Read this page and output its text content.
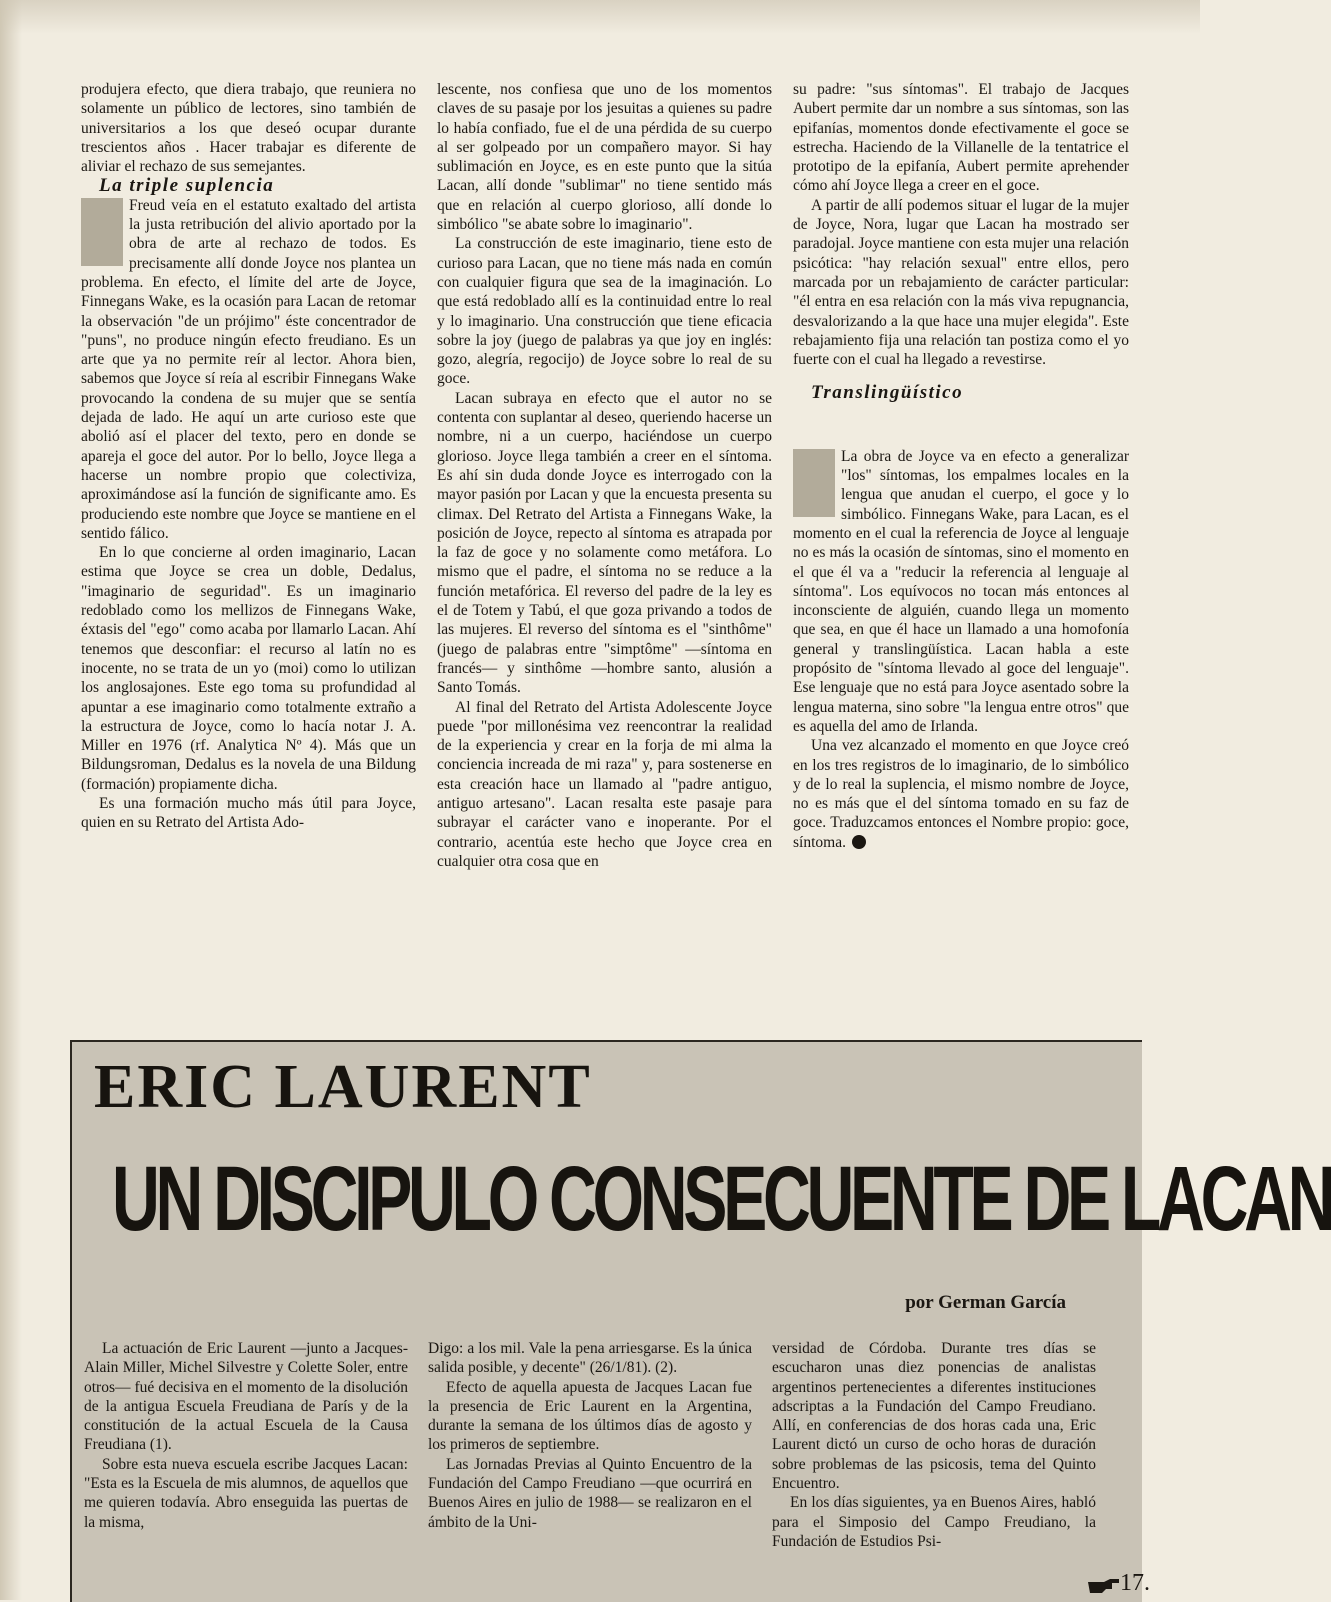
produjera efecto, que diera trabajo, que reuniera no solamente un público de lectores, sino también de universitarios a los que deseó ocupar durante trescientos años . Hacer trabajar es diferente de aliviar el rechazo de sus semejantes.

La triple suplencia

Freud veía en el estatuto exaltado del artista la justa retribución del alivio aportado por la obra de arte al rechazo de todos. Es precisamente allí donde Joyce nos plantea un problema. En efecto, el límite del arte de Joyce, Finnegans Wake, es la ocasión para Lacan de retomar la observación "de un prójimo" éste concentrador de "puns", no produce ningún efecto freudiano. Es un arte que ya no permite reír al lector. Ahora bien, sabemos que Joyce sí reía al escribir Finnegans Wake provocando la condena de su mujer que se sentía dejada de lado. He aquí un arte curioso este que abolió así el placer del texto, pero en donde se apareja el goce del autor. Por lo bello, Joyce llega a hacerse un nombre propio que colectiviza, aproximándose así la función de significante amo. Es produciendo este nombre que Joyce se mantiene en el sentido fálico.

En lo que concierne al orden imaginario, Lacan estima que Joyce se crea un doble, Dedalus, "imaginario de seguridad". Es un imaginario redoblado como los mellizos de Finnegans Wake, éxtasis del "ego" como acaba por llamarlo Lacan. Ahí tenemos que desconfiar: el recurso al latín no es inocente, no se trata de un yo (moi) como lo utilizan los anglosajones. Este ego toma su profundidad al apuntar a ese imaginario como totalmente extraño a la estructura de Joyce, como lo hacía notar J. A. Miller en 1976 (rf. Analytica Nº 4). Más que un Bildungsroman, Dedalus es la novela de una Bildung (formación) propiamente dicha.

Es una formación mucho más útil para Joyce, quien en su Retrato del Artista Ado-

lescente, nos confiesa que uno de los momentos claves de su pasaje por los jesuitas a quienes su padre lo había confiado, fue el de una pérdida de su cuerpo al ser golpeado por un compañero mayor. Si hay sublimación en Joyce, es en este punto que la sitúa Lacan, allí donde "sublimar" no tiene sentido más que en relación al cuerpo glorioso, allí donde lo simbólico "se abate sobre lo imaginario".

La construcción de este imaginario, tiene esto de curioso para Lacan, que no tiene más nada en común con cualquier figura que sea de la imaginación. Lo que está redoblado allí es la continuidad entre lo real y lo imaginario. Una construcción que tiene eficacia sobre la joy (juego de palabras ya que joy en inglés: gozo, alegría, regocijo) de Joyce sobre lo real de su goce.

Lacan subraya en efecto que el autor no se contenta con suplantar al deseo, queriendo hacerse un nombre, ni a un cuerpo, haciéndose un cuerpo glorioso. Joyce llega también a creer en el síntoma. Es ahí sin duda donde Joyce es interrogado con la mayor pasión por Lacan y que la encuesta presenta su climax. Del Retrato del Artista a Finnegans Wake, la posición de Joyce, repecto al síntoma es atrapada por la faz de goce y no solamente como metáfora. Lo mismo que el padre, el síntoma no se reduce a la función metafórica. El reverso del padre de la ley es el de Totem y Tabú, el que goza privando a todos de las mujeres. El reverso del síntoma es el "sinthôme" (juego de palabras entre "simptôme" —síntoma en francés— y sinthôme —hombre santo, alusión a Santo Tomás.

Al final del Retrato del Artista Adolescente Joyce puede "por millonésima vez reencontrar la realidad de la experiencia y crear en la forja de mi alma la conciencia increada de mi raza" y, para sostenerse en esta creación hace un llamado al "padre antiguo, antiguo artesano". Lacan resalta este pasaje para subrayar el carácter vano e inoperante. Por el contrario, acentúa este hecho que Joyce crea en cualquier otra cosa que en

su padre: "sus síntomas". El trabajo de Jacques Aubert permite dar un nombre a sus síntomas, son las epifanías, momentos donde efectivamente el goce se estrecha. Haciendo de la Villanelle de la tentatrice el prototipo de la epifanía, Aubert permite aprehender cómo ahí Joyce llega a creer en el goce.

A partir de allí podemos situar el lugar de la mujer de Joyce, Nora, lugar que Lacan ha mostrado ser paradojal. Joyce mantiene con esta mujer una relación psicótica: "hay relación sexual" entre ellos, pero marcada por un rebajamiento de carácter particular: "él entra en esa relación con la más viva repugnancia, desvalorizando a la que hace una mujer elegida". Este rebajamiento fija una relación tan postiza como el yo fuerte con el cual ha llegado a revestirse.

Translingüístico

La obra de Joyce va en efecto a generalizar "los" síntomas, los empalmes locales en la lengua que anudan el cuerpo, el goce y lo simbólico. Finnegans Wake, para Lacan, es el momento en el cual la referencia de Joyce al lenguaje no es más la ocasión de síntomas, sino el momento en el que él va a "reducir la referencia al lenguaje al síntoma". Los equívocos no tocan más entonces al inconsciente de alguién, cuando llega un momento que sea, en que él hace un llamado a una homofonía general y translingüística. Lacan habla a este propósito de "síntoma llevado al goce del lenguaje". Ese lenguaje que no está para Joyce asentado sobre la lengua materna, sino sobre "la lengua entre otros" que es aquella del amo de Irlanda.

Una vez alcanzado el momento en que Joyce creó en los tres registros de lo imaginario, de lo simbólico y de lo real la suplencia, el mismo nombre de Joyce, no es más que el del síntoma tomado en su faz de goce. Traduzcamos entonces el Nombre propio: goce, síntoma.

ERIC LAURENT
UN DISCIPULO CONSECUENTE DE LACAN
por German García

La actuación de Eric Laurent —junto a Jacques-Alain Miller, Michel Silvestre y Colette Soler, entre otros— fué decisiva en el momento de la disolución de la antigua Escuela Freudiana de París y de la constitución de la actual Escuela de la Causa Freudiana (1).

Sobre esta nueva escuela escribe Jacques Lacan: "Esta es la Escuela de mis alumnos, de aquellos que me quieren todavía. Abro enseguida las puertas de la misma,

Digo: a los mil. Vale la pena arriesgarse. Es la única salida posible, y decente" (26/1/81). (2).

Efecto de aquella apuesta de Jacques Lacan fue la presencia de Eric Laurent en la Argentina, durante la semana de los últimos días de agosto y los primeros de septiembre.

Las Jornadas Previas al Quinto Encuentro de la Fundación del Campo Freudiano —que ocurrirá en Buenos Aires en julio de 1988— se realizaron en el ámbito de la Uni-

versidad de Córdoba. Durante tres días se escucharon unas diez ponencias de analistas argentinos pertenecientes a diferentes instituciones adscriptas a la Fundación del Campo Freudiano. Allí, en conferencias de dos horas cada una, Eric Laurent dictó un curso de ocho horas de duración sobre problemas de las psicosis, tema del Quinto Encuentro.

En los días siguientes, ya en Buenos Aires, habló para el Simposio del Campo Freudiano, la Fundación de Estudios Psi-

17.
